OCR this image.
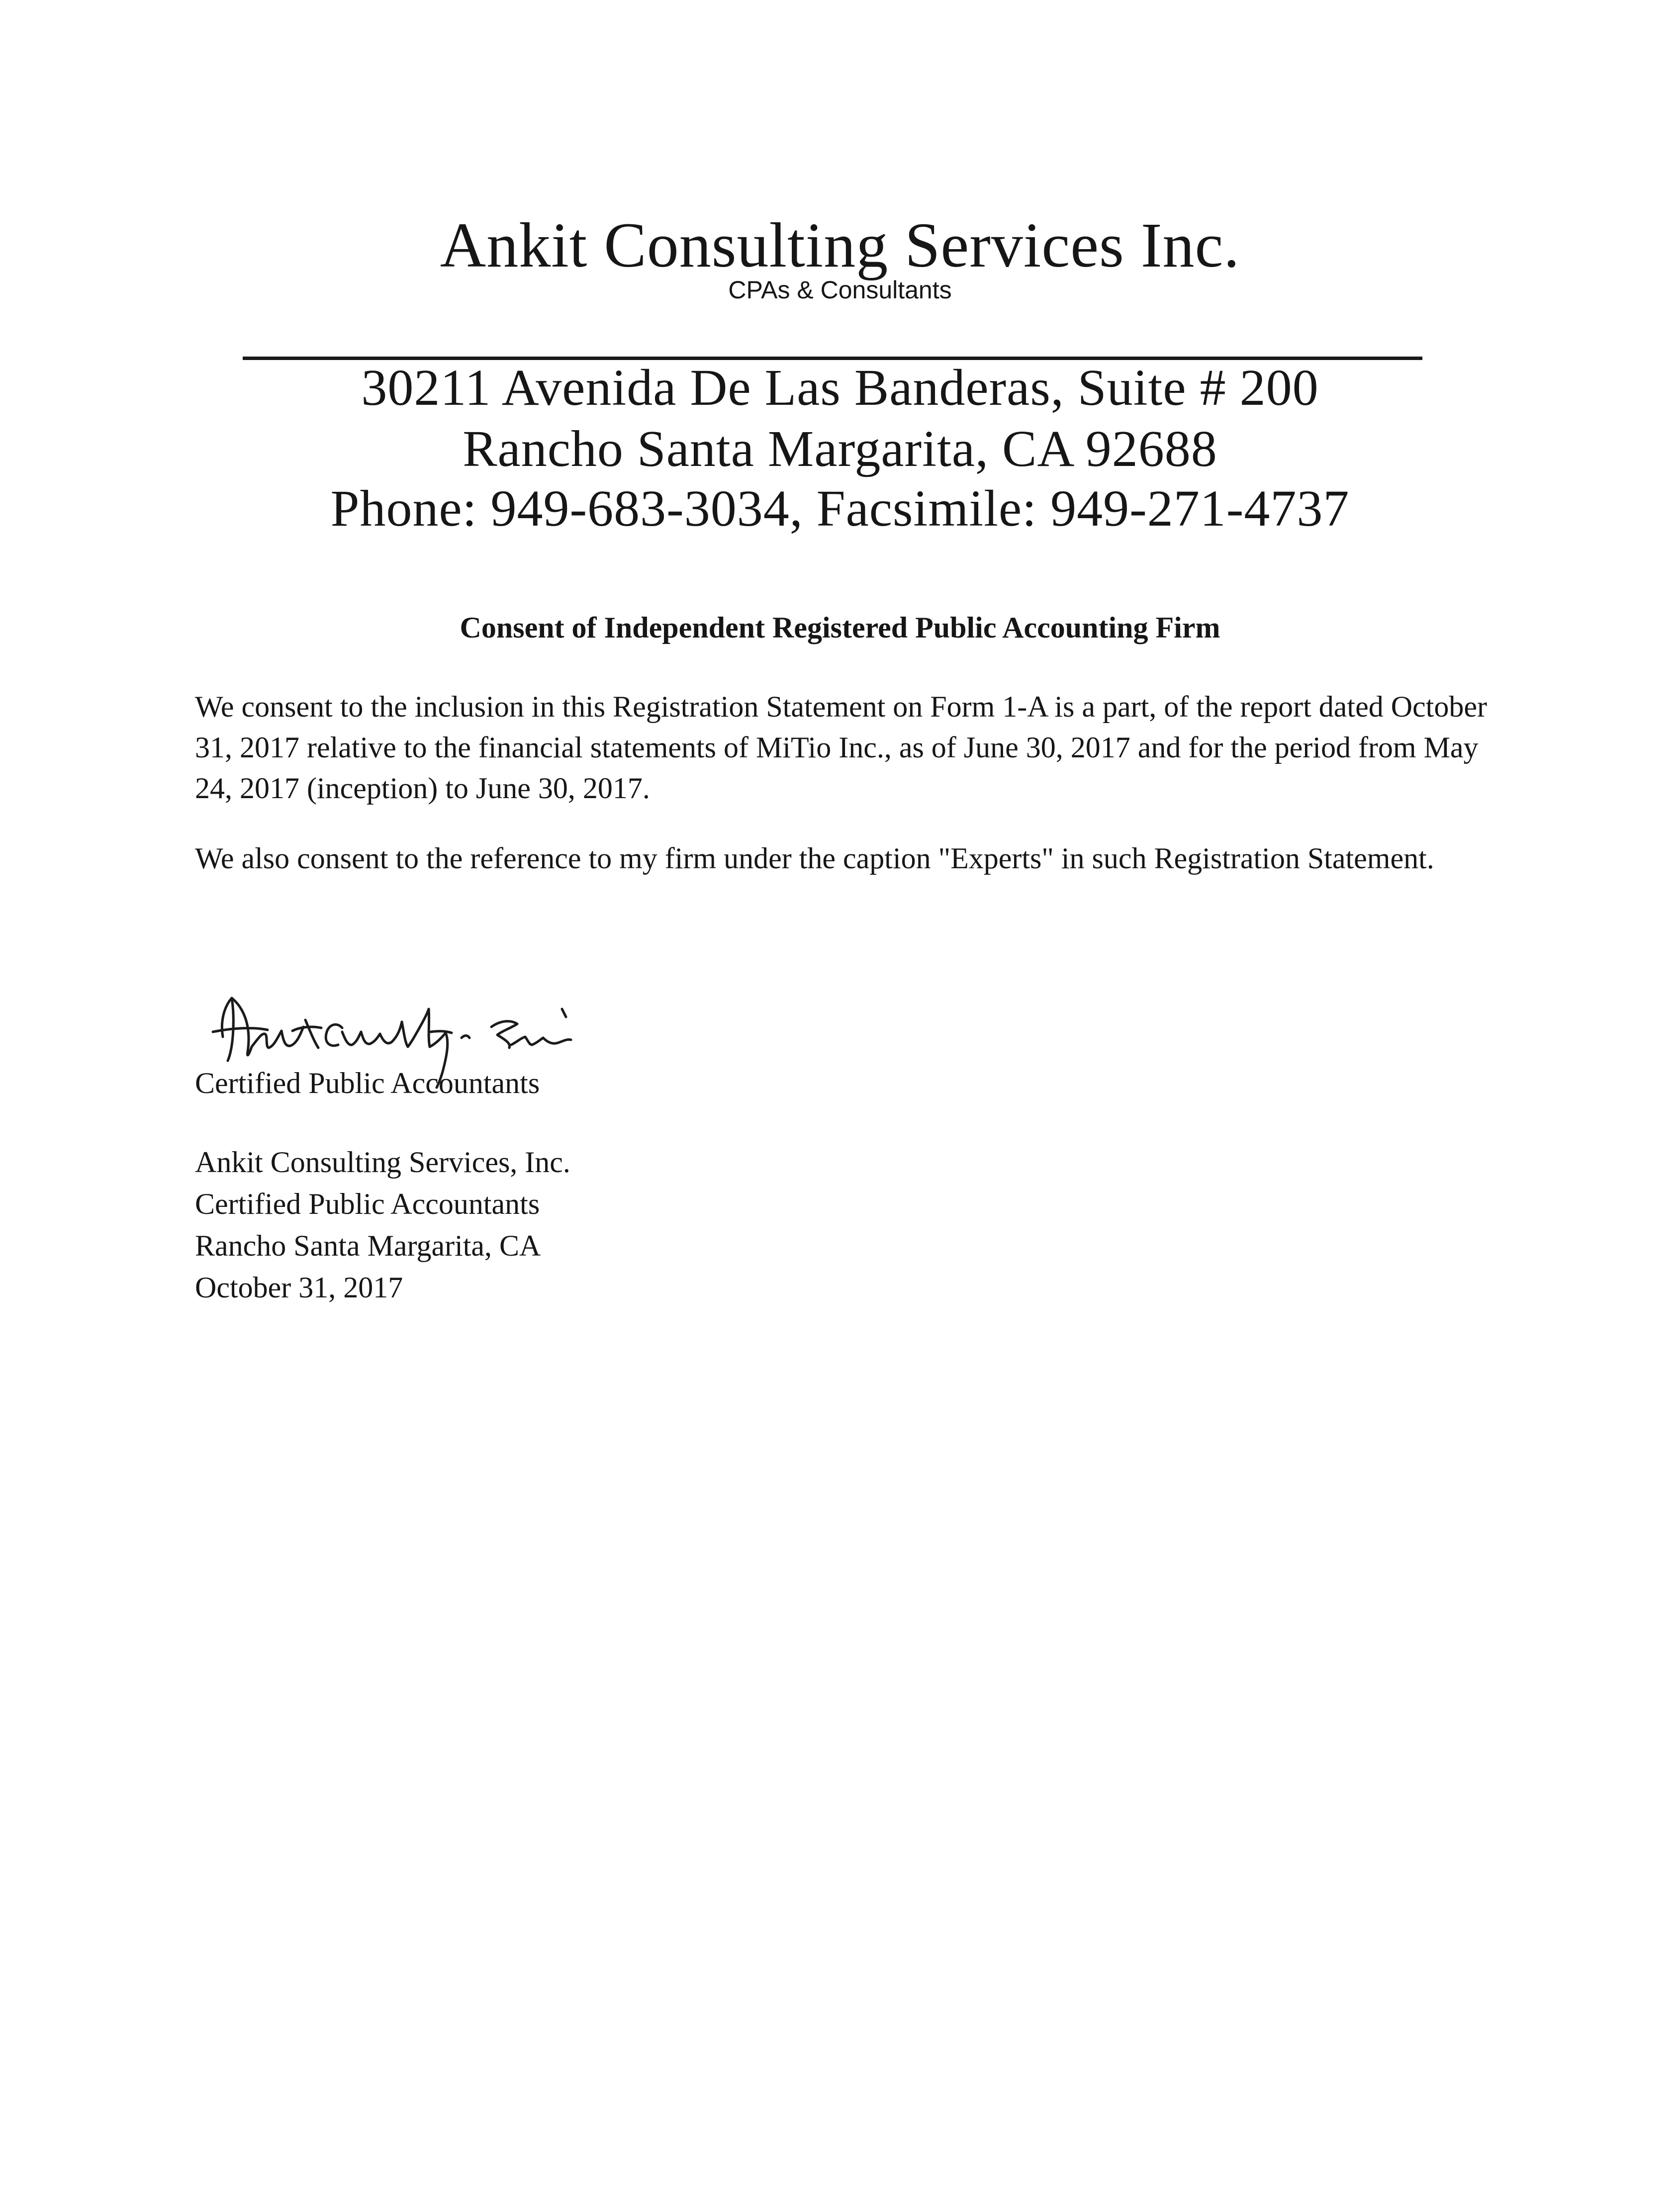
Ankit Consulting Services Inc.
CPAs & Consultants
30211 Avenida De Las Banderas, Suite # 200
Rancho Santa Margarita, CA 92688
Phone: 949-683-3034, Facsimile: 949-271-4737
Consent of Independent Registered Public Accounting Firm
We consent to the inclusion in this Registration Statement on Form 1-A is a part, of the report dated October 31, 2017 relative to the financial statements of MiTio Inc., as of June 30, 2017 and for the period from May 24, 2017 (inception) to June 30, 2017.
We also consent to the reference to my firm under the caption "Experts" in such Registration Statement.
Certified Public Accountants
Ankit Consulting Services, Inc.
Certified Public Accountants
Rancho Santa Margarita, CA
October 31, 2017
